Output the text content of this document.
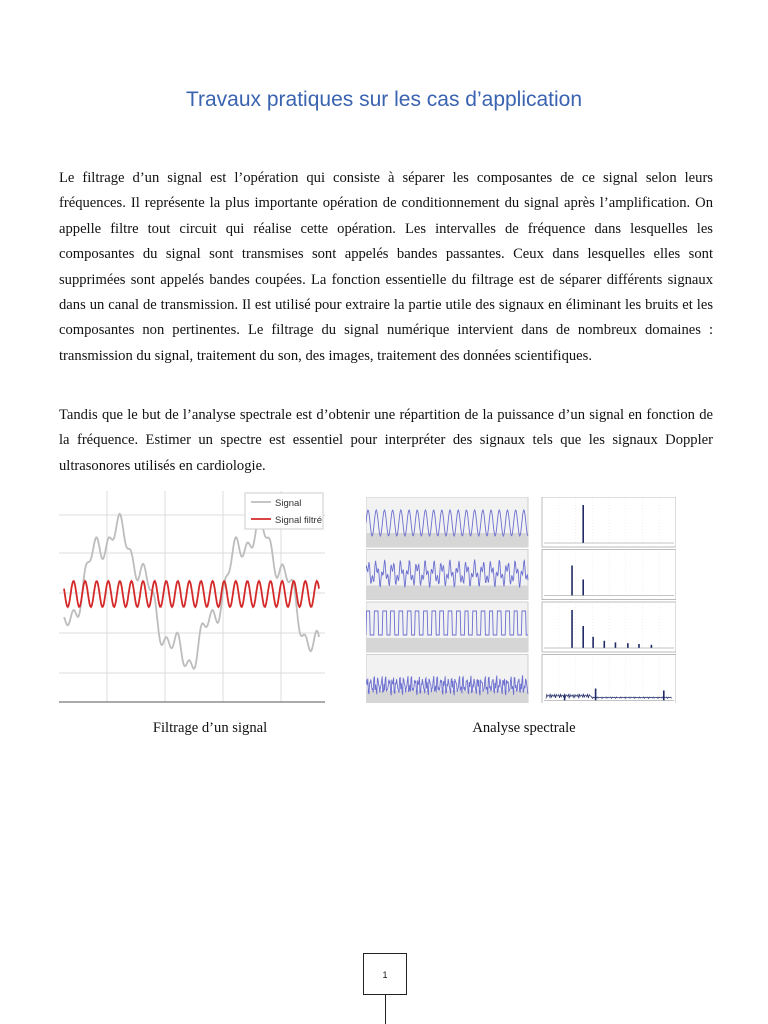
Travaux pratiques sur les cas d’application

Le filtrage d’un signal est l’opération qui consiste à séparer les composantes de ce signal selon leurs fréquences. Il représente la plus importante opération de conditionnement du signal après l’amplification. On appelle filtre tout circuit qui réalise cette opération. Les intervalles de fréquence dans lesquelles les composantes du signal sont transmises sont appelés bandes passantes. Ceux dans lesquelles elles sont supprimées sont appelés bandes coupées. La fonction essentielle du filtrage est de séparer différents signaux dans un canal de transmission. Il est utilisé pour extraire la partie utile des signaux en éliminant les bruits et les composantes non pertinentes. Le filtrage du signal numérique intervient dans de nombreux domaines : transmission du signal, traitement du son, des images, traitement des données scientifiques.

Tandis que le but de l’analyse spectrale est d’obtenir une répartition de la puissance d’un signal en fonction de la fréquence. Estimer un spectre est essentiel pour interpréter des signaux tels que les signaux Doppler ultrasonores utilisés en cardiologie.

Signal
Signal filtré
Filtrage d’un signal	Analyse spectrale
1
